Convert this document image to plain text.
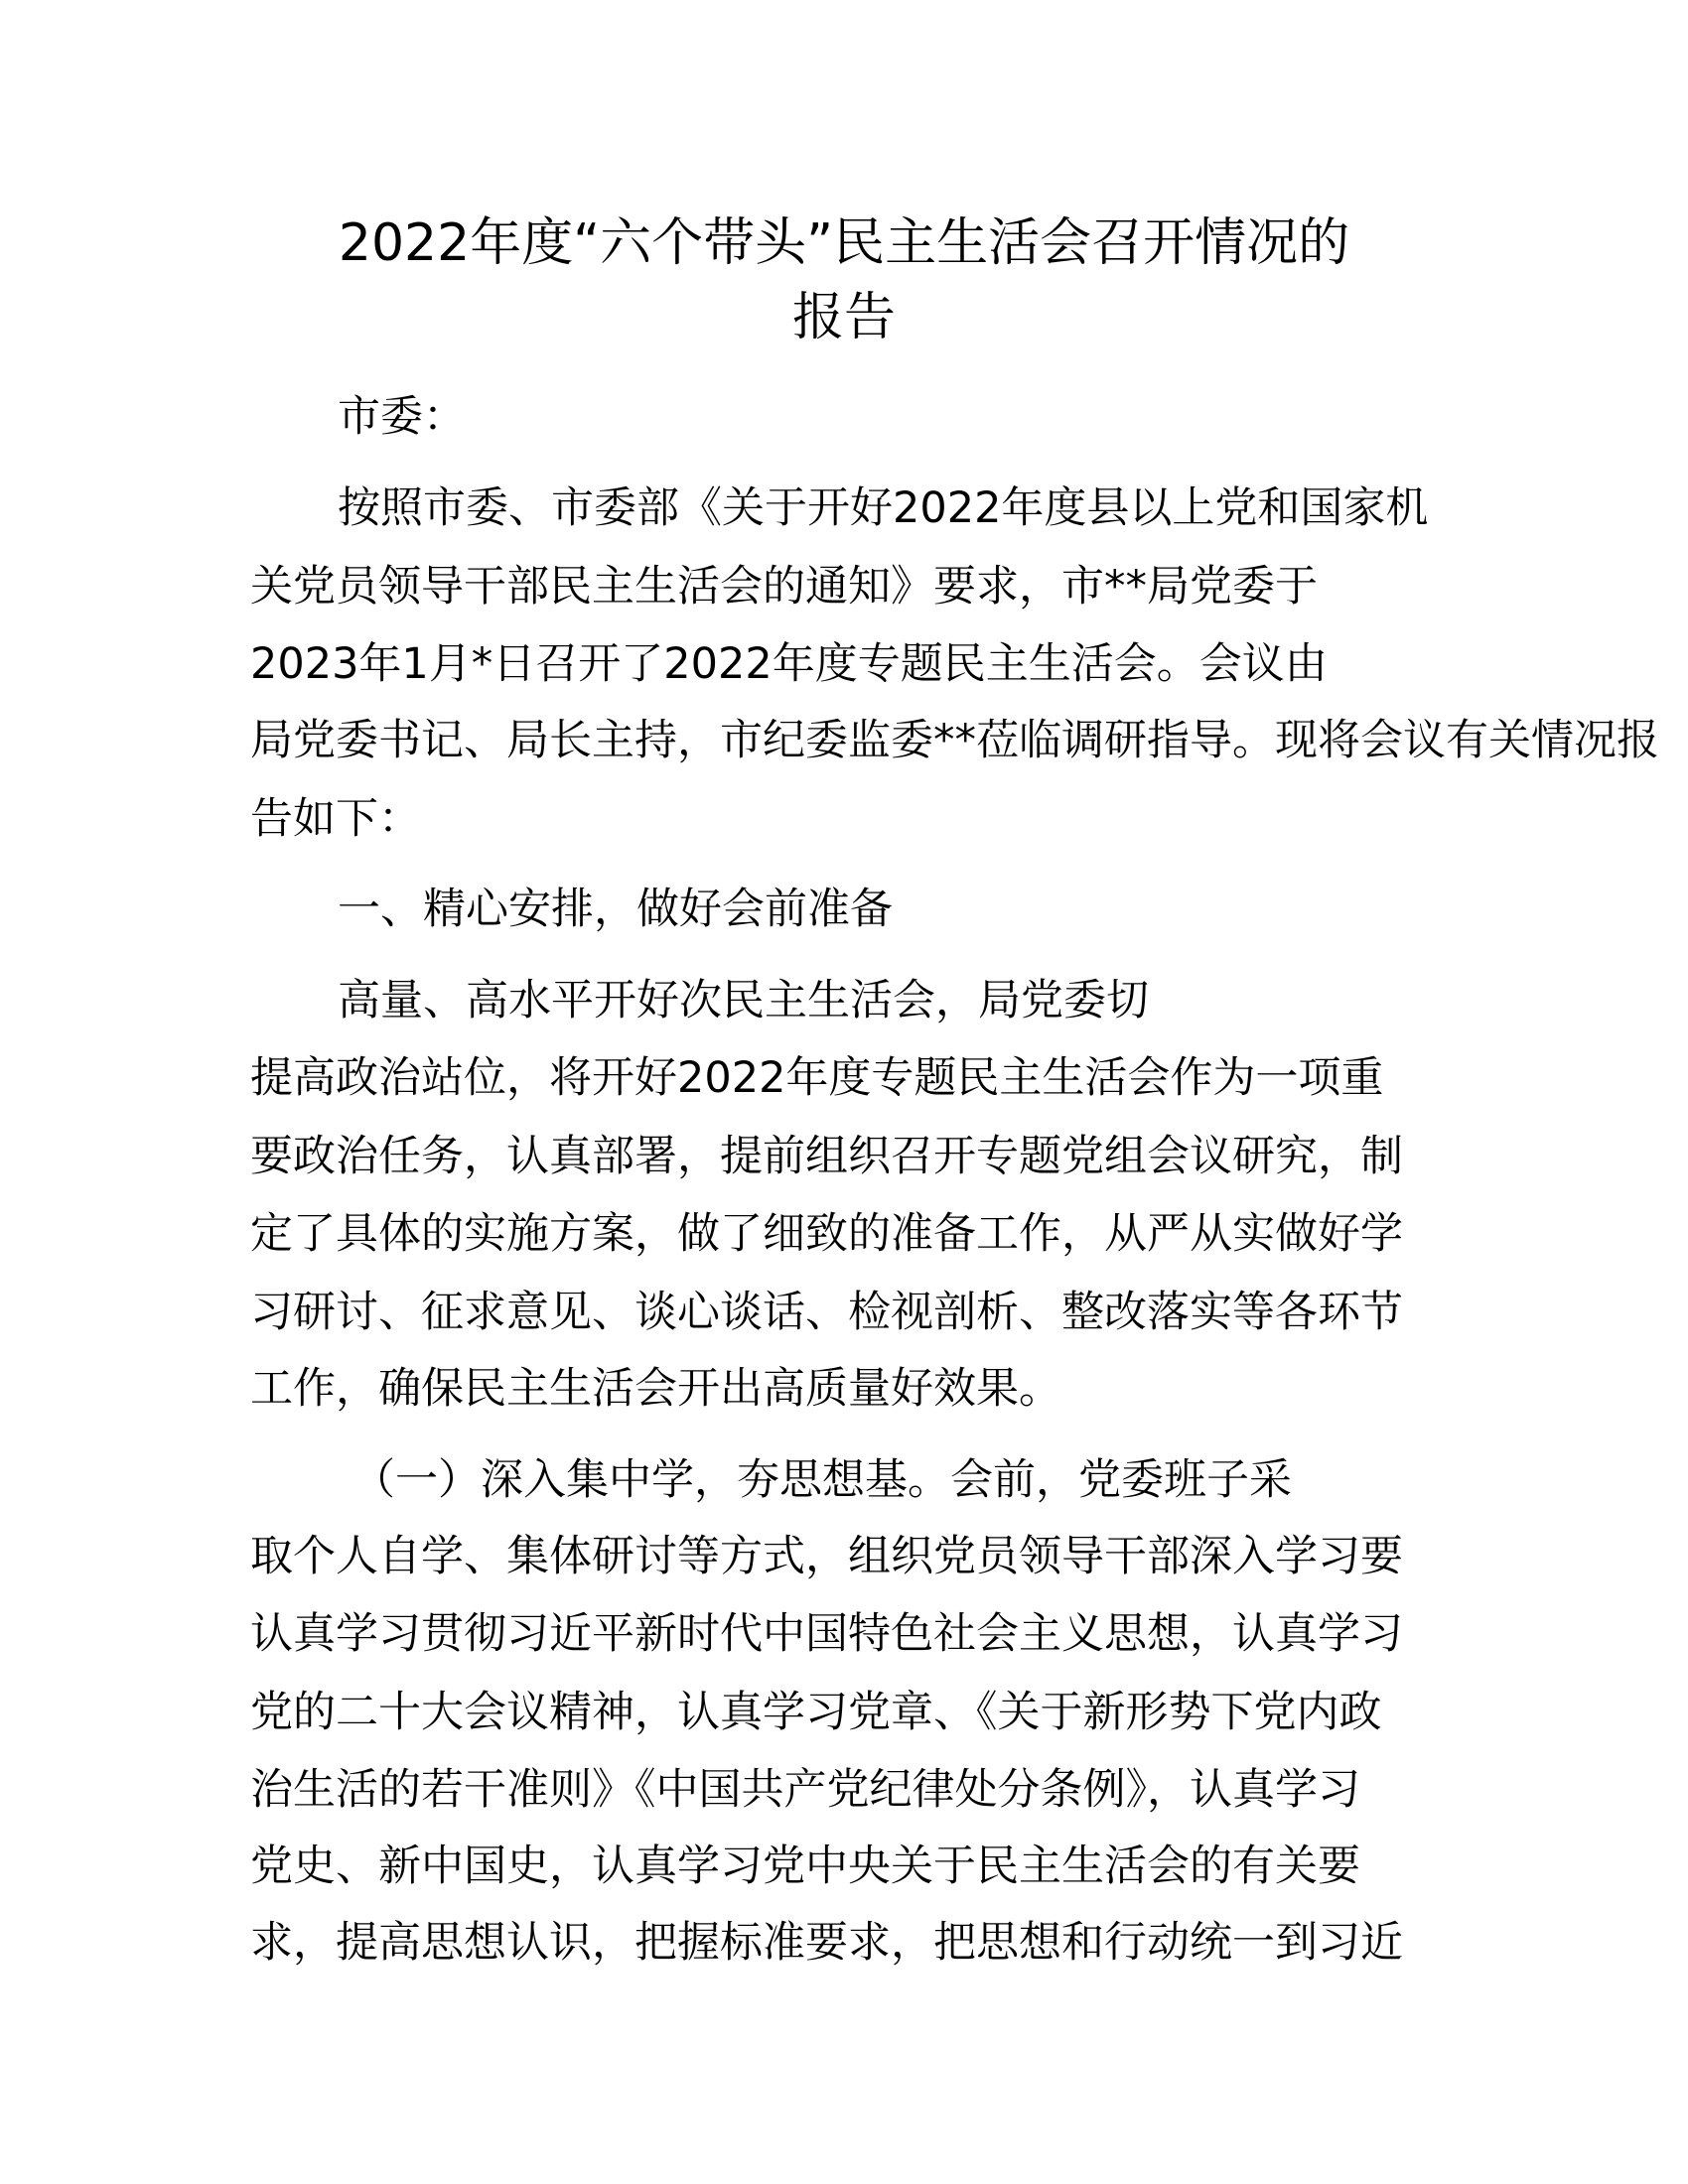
2022年度“六个带头”民主生活会召开情况的
报告
市委：
按照市委、市委部《关于开好2022年度县以上党和国家机
关党员领导干部民主生活会的通知》要求，市**局党委于
2023年1月*日召开了2022年度专题民主生活会。会议由
局党委书记、局长主持，市纪委监委**莅临调研指导。现将会议有关情况报
告如下：
一、精心安排，做好会前准备
高量、高水平开好次民主生活会，局党委切
提高政治站位，将开好2022年度专题民主生活会作为一项重
要政治任务，认真部署，提前组织召开专题党组会议研究，制
定了具体的实施方案，做了细致的准备工作，从严从实做好学
习研讨、征求意见、谈心谈话、检视剖析、整改落实等各环节
工作，确保民主生活会开出高质量好效果。
（一）深入集中学，夯思想基。会前，党委班子采
取个人自学、集体研讨等方式，组织党员领导干部深入学习要
认真学习贯彻习近平新时代中国特色社会主义思想，认真学习
党的二十大会议精神，认真学习党章、《关于新形势下党内政
治生活的若干准则》《中国共产党纪律处分条例》，认真学习
党史、新中国史，认真学习党中央关于民主生活会的有关要
求，提高思想认识，把握标准要求，把思想和行动统一到习近
